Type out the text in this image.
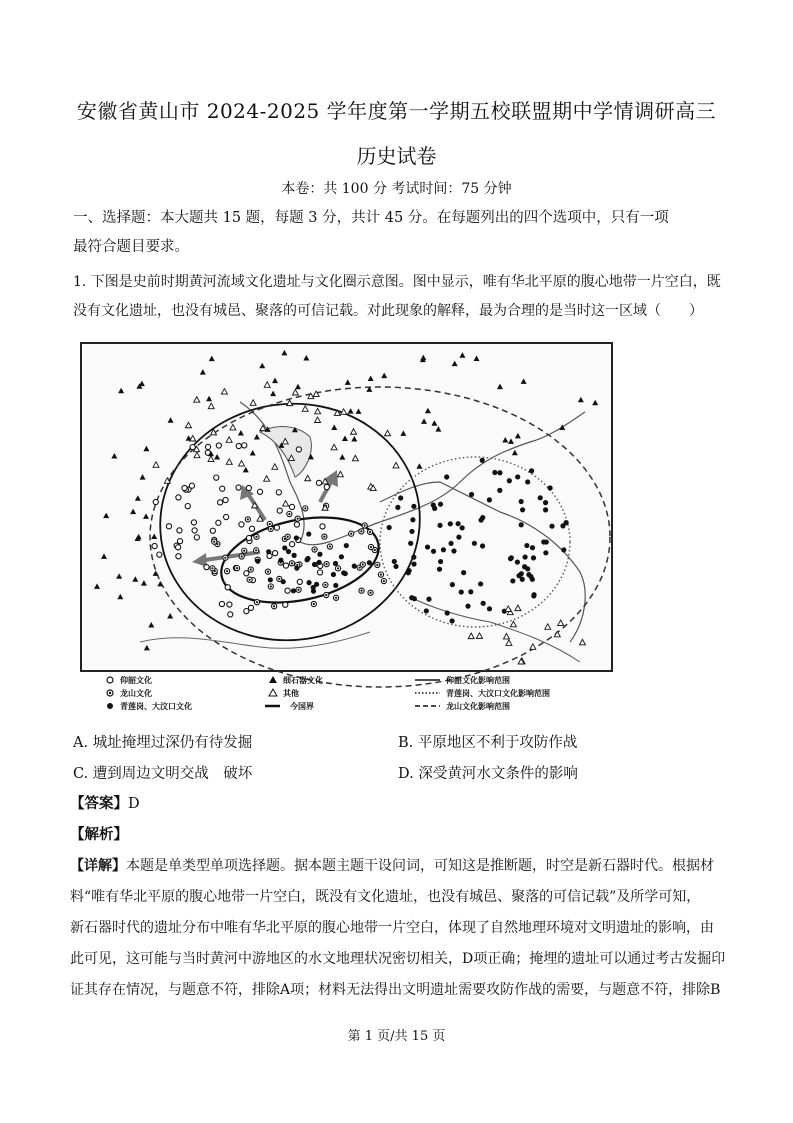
安徽省黄山市 2024-2025 学年度第一学期五校联盟期中学情调研高三
历史试卷
本卷：共 100 分 考试时间：75 分钟
一、选择题：本大题共 15 题，每题 3 分，共计 45 分。在每题列出的四个选项中，只有一项
最符合题目要求。
1. 下图是史前时期黄河流域文化遗址与文化圈示意图。图中显示，唯有华北平原的腹心地带一片空白，既
没有文化遗址，也没有城邑、聚落的可信记载。对此现象的解释，最为合理的是当时这一区域（　　）
仰韶文化
龙山文化
青莲岗、大汶口文化
细石器文化
其他
今国界
仰韶文化影响范围
青莲岗、大汶口文化影响范围
龙山文化影响范围
A. 城址掩埋过深仍有待发掘	B. 平原地区不利于攻防作战
C. 遭到周边文明交战　破坏	D. 深受黄河水文条件的影响
【答案】D
【解析】
【详解】本题是单类型单项选择题。据本题主题干设问词，可知这是推断题，时空是新石器时代。根据材
料“唯有华北平原的腹心地带一片空白，既没有文化遗址，也没有城邑、聚落的可信记载”及所学可知，
新石器时代的遗址分布中唯有华北平原的腹心地带一片空白，体现了自然地理环境对文明遗址的影响，由
此可见，这可能与当时黄河中游地区的水文地理状况密切相关，D项正确；掩埋的遗址可以通过考古发掘印
证其存在情况，与题意不符，排除A项；材料无法得出文明遗址需要攻防作战的需要，与题意不符，排除B
第 1 页/共 15 页
